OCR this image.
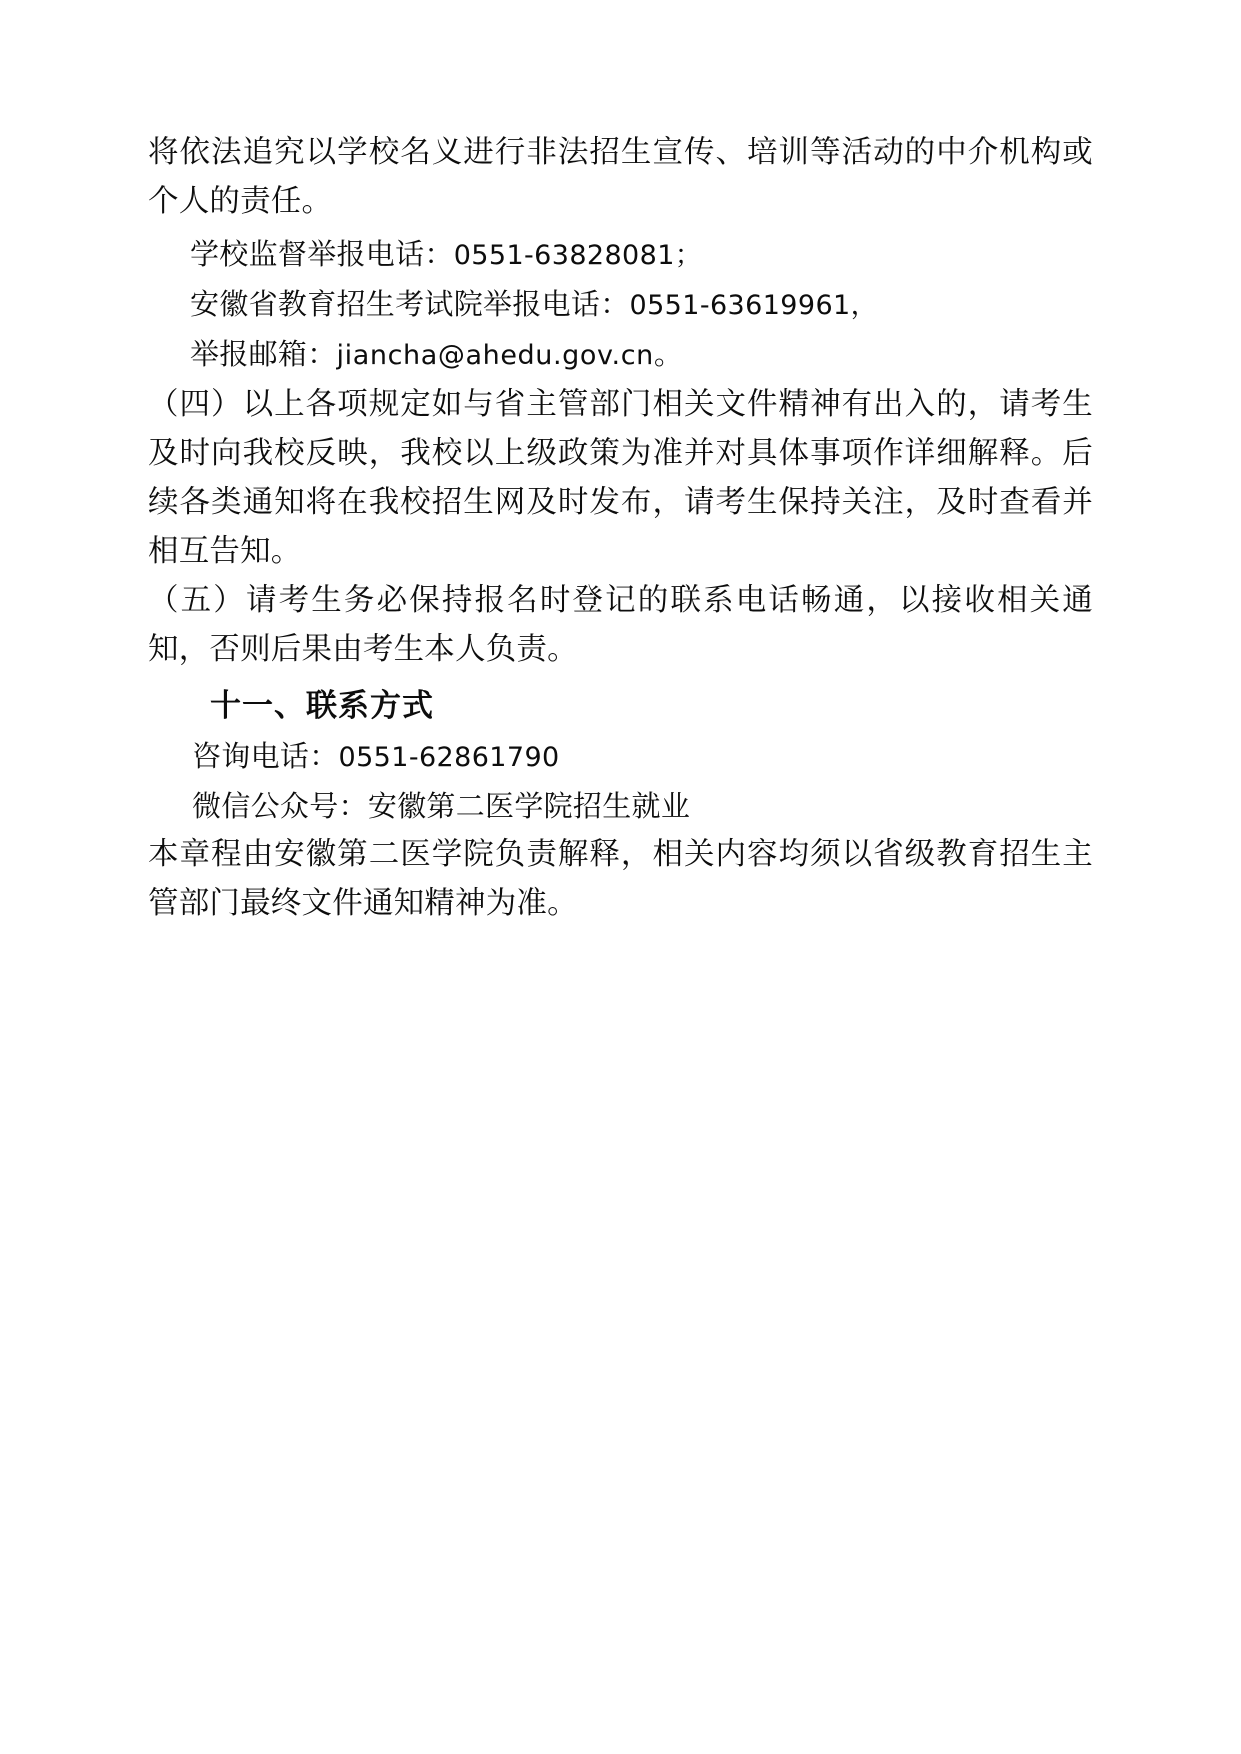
将依法追究以学校名义进行非法招生宣传、培训等活动的中介机构或个人的责任。

学校监督举报电话：0551-63828081；

安徽省教育招生考试院举报电话：0551-63619961，

举报邮箱：jiancha@ahedu.gov.cn。

（四）以上各项规定如与省主管部门相关文件精神有出入的，请考生及时向我校反映，我校以上级政策为准并对具体事项作详细解释。后续各类通知将在我校招生网及时发布，请考生保持关注，及时查看并相互告知。

（五）请考生务必保持报名时登记的联系电话畅通，以接收相关通知，否则后果由考生本人负责。

十一、联系方式

咨询电话：0551-62861790

微信公众号：安徽第二医学院招生就业

本章程由安徽第二医学院负责解释，相关内容均须以省级教育招生主管部门最终文件通知精神为准。
